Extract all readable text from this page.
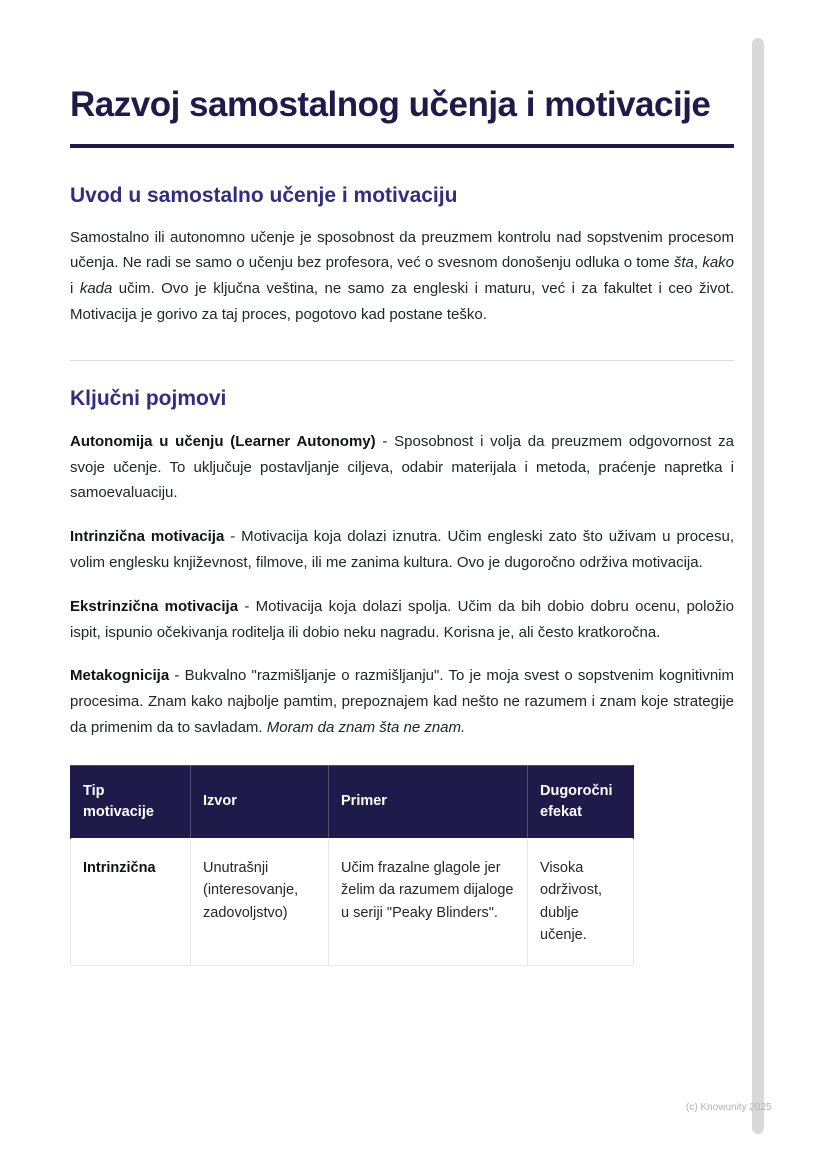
Razvoj samostalnog učenja i motivacije
Uvod u samostalno učenje i motivaciju

Samostalno ili autonomno učenje je sposobnost da preuzmem kontrolu nad sopstvenim procesom učenja. Ne radi se samo o učenju bez profesora, već o svesnom donošenju odluka o tome šta, kako i kada učim. Ovo je ključna veština, ne samo za engleski i maturu, već i za fakultet i ceo život. Motivacija je gorivo za taj proces, pogotovo kad postane teško.

Ključni pojmovi

Autonomija u učenju (Learner Autonomy) - Sposobnost i volja da preuzmem odgovornost za svoje učenje. To uključuje postavljanje ciljeva, odabir materijala i metoda, praćenje napretka i samoevaluaciju.

Intrinzična motivacija - Motivacija koja dolazi iznutra. Učim engleski zato što uživam u procesu, volim englesku književnost, filmove, ili me zanima kultura. Ovo je dugoročno održiva motivacija.

Ekstrinzična motivacija - Motivacija koja dolazi spolja. Učim da bih dobio dobru ocenu, položio ispit, ispunio očekivanja roditelja ili dobio neku nagradu. Korisna je, ali često kratkoročna.

Metakognicija - Bukvalno "razmišljanje o razmišljanju". To je moja svest o sopstvenim kognitivnim procesima. Znam kako najbolje pamtim, prepoznajem kad nešto ne razumem i znam koje strategije da primenim da to savladam. Moram da znam šta ne znam.

Tip motivacije	Izvor	Primer	Dugoročni efekat
Intrinzična	Unutrašnji (interesovanje, zadovoljstvo)	Učim frazalne glagole jer želim da razumem dijaloge u seriji "Peaky Blinders".	Visoka održivost, dublje učenje.
(c) Knowunity 2025
